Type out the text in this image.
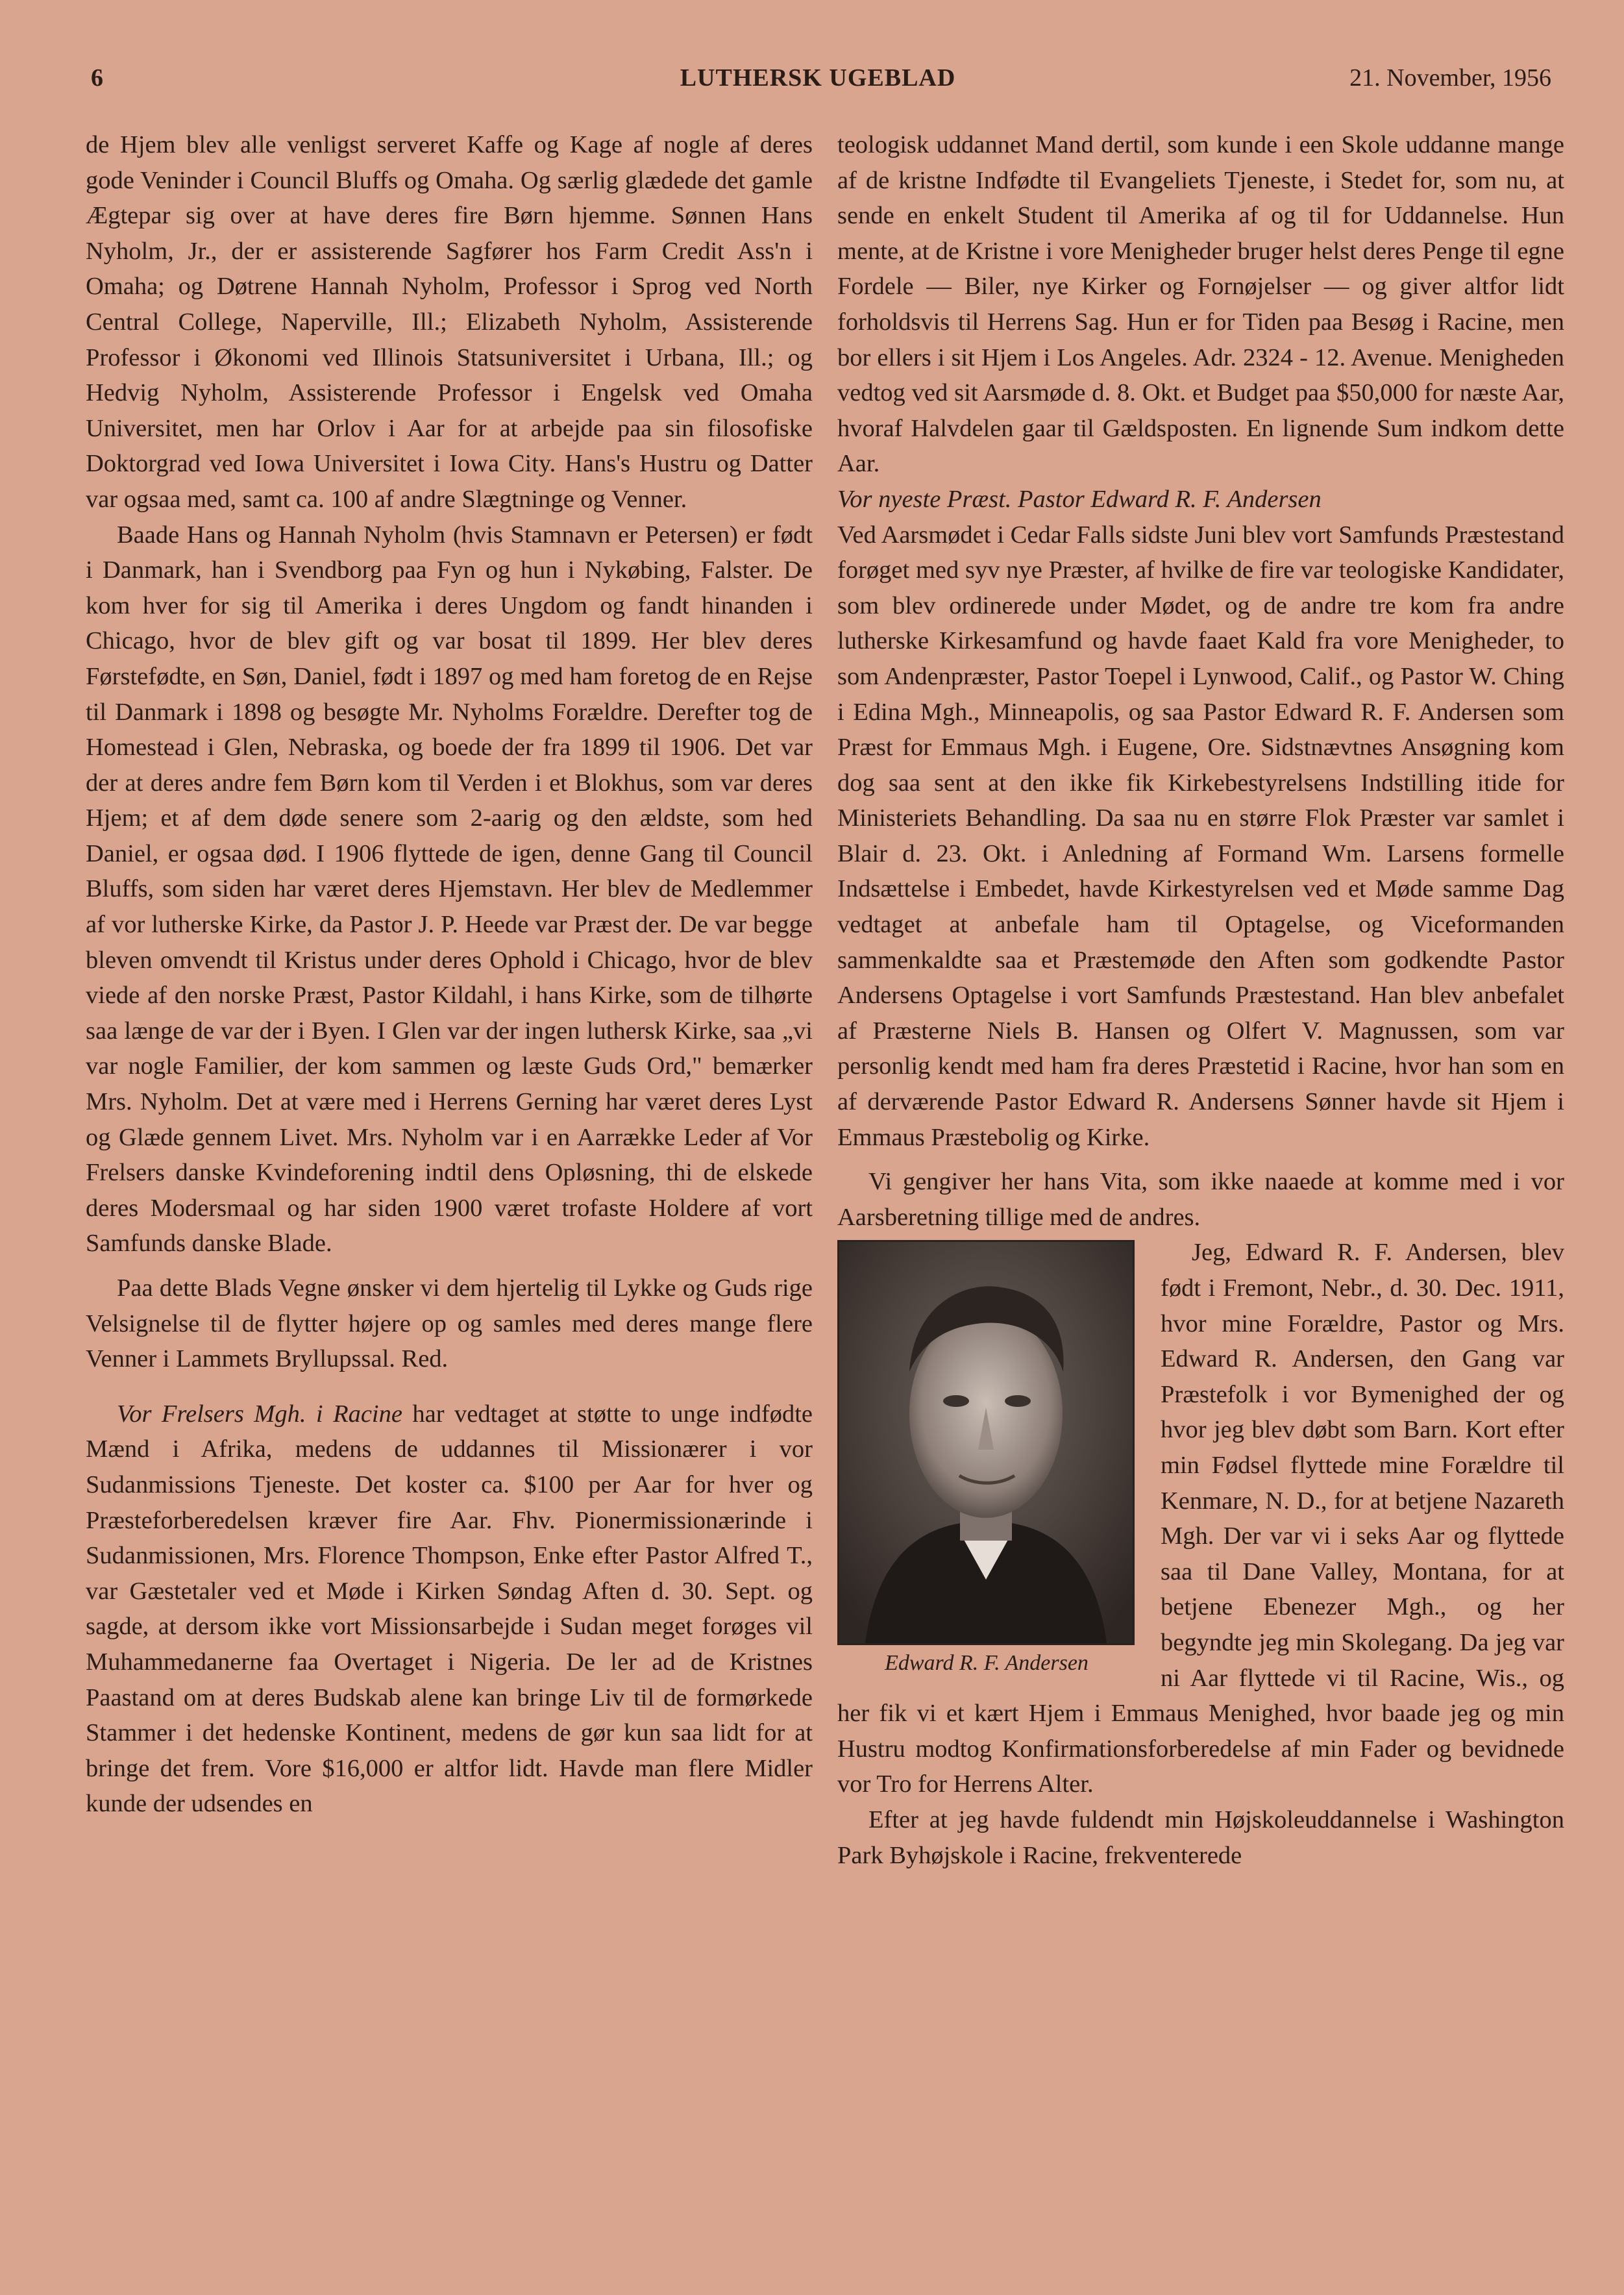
6	LUTHERSK UGEBLAD	21. November, 1956

de Hjem blev alle venligst serveret Kaffe og Kage af nogle af deres gode Veninder i Council Bluffs og Omaha. Og særlig glædede det gamle Ægtepar sig over at have deres fire Børn hjemme. Sønnen Hans Nyholm, Jr., der er assisterende Sagfører hos Farm Credit Ass'n i Omaha; og Døtrene Hannah Nyholm, Professor i Sprog ved North Central College, Naperville, Ill.; Elizabeth Nyholm, Assisterende Professor i Økonomi ved Illinois Statsuniversitet i Urbana, Ill.; og Hedvig Nyholm, Assisterende Professor i Engelsk ved Omaha Universitet, men har Orlov i Aar for at arbejde paa sin filosofiske Doktorgrad ved Iowa Universitet i Iowa City. Hans's Hustru og Datter var ogsaa med, samt ca. 100 af andre Slægtninge og Venner.

Baade Hans og Hannah Nyholm (hvis Stamnavn er Petersen) er født i Danmark, han i Svendborg paa Fyn og hun i Nykøbing, Falster. De kom hver for sig til Amerika i deres Ungdom og fandt hinanden i Chicago, hvor de blev gift og var bosat til 1899. Her blev deres Førstefødte, en Søn, Daniel, født i 1897 og med ham foretog de en Rejse til Danmark i 1898 og besøgte Mr. Nyholms Forældre. Derefter tog de Homestead i Glen, Nebraska, og boede der fra 1899 til 1906. Det var der at deres andre fem Børn kom til Verden i et Blokhus, som var deres Hjem; et af dem døde senere som 2-aarig og den ældste, som hed Daniel, er ogsaa død. I 1906 flyttede de igen, denne Gang til Council Bluffs, som siden har været deres Hjemstavn. Her blev de Medlemmer af vor lutherske Kirke, da Pastor J. P. Heede var Præst der. De var begge bleven omvendt til Kristus under deres Ophold i Chicago, hvor de blev viede af den norske Præst, Pastor Kildahl, i hans Kirke, som de tilhørte saa længe de var der i Byen. I Glen var der ingen luthersk Kirke, saa „vi var nogle Familier, der kom sammen og læste Guds Ord," bemærker Mrs. Nyholm. Det at være med i Herrens Gerning har været deres Lyst og Glæde gennem Livet. Mrs. Nyholm var i en Aarrække Leder af Vor Frelsers danske Kvindeforening indtil dens Opløsning, thi de elskede deres Modersmaal og har siden 1900 været trofaste Holdere af vort Samfunds danske Blade.

Paa dette Blads Vegne ønsker vi dem hjertelig til Lykke og Guds rige Velsignelse til de flytter højere op og samles med deres mange flere Venner i Lammets Bryllupssal. Red.

Vor Frelsers Mgh. i Racine har vedtaget at støtte to unge indfødte Mænd i Afrika, medens de uddannes til Missionærer i vor Sudanmissions Tjeneste. Det koster ca. $100 per Aar for hver og Præsteforberedelsen kræver fire Aar. Fhv. Pionermissionærinde i Sudanmissionen, Mrs. Florence Thompson, Enke efter Pastor Alfred T., var Gæstetaler ved et Møde i Kirken Søndag Aften d. 30. Sept. og sagde, at dersom ikke vort Missionsarbejde i Sudan meget forøges vil Muhammedanerne faa Overtaget i Nigeria. De ler ad de Kristnes Paastand om at deres Budskab alene kan bringe Liv til de formørkede Stammer i det hedenske Kontinent, medens de gør kun saa lidt for at bringe det frem. Vore $16,000 er altfor lidt. Havde man flere Midler kunde der udsendes en

teologisk uddannet Mand dertil, som kunde i een Skole uddanne mange af de kristne Indfødte til Evangeliets Tjeneste, i Stedet for, som nu, at sende en enkelt Student til Amerika af og til for Uddannelse. Hun mente, at de Kristne i vore Menigheder bruger helst deres Penge til egne Fordele — Biler, nye Kirker og Fornøjelser — og giver altfor lidt forholdsvis til Herrens Sag. Hun er for Tiden paa Besøg i Racine, men bor ellers i sit Hjem i Los Angeles. Adr. 2324 - 12. Avenue. Menigheden vedtog ved sit Aarsmøde d. 8. Okt. et Budget paa $50,000 for næste Aar, hvoraf Halvdelen gaar til Gældsposten. En lignende Sum indkom dette Aar.

Vor nyeste Præst. Pastor Edward R. F. Andersen

Ved Aarsmødet i Cedar Falls sidste Juni blev vort Samfunds Præstestand forøget med syv nye Præster, af hvilke de fire var teologiske Kandidater, som blev ordinerede under Mødet, og de andre tre kom fra andre lutherske Kirkesamfund og havde faaet Kald fra vore Menigheder, to som Andenpræster, Pastor Toepel i Lynwood, Calif., og Pastor W. Ching i Edina Mgh., Minneapolis, og saa Pastor Edward R. F. Andersen som Præst for Emmaus Mgh. i Eugene, Ore. Sidstnævtnes Ansøgning kom dog saa sent at den ikke fik Kirkebestyrelsens Indstilling itide for Ministeriets Behandling. Da saa nu en større Flok Præster var samlet i Blair d. 23. Okt. i Anledning af Formand Wm. Larsens formelle Indsættelse i Embedet, havde Kirkestyrelsen ved et Møde samme Dag vedtaget at anbefale ham til Optagelse, og Viceformanden sammenkaldte saa et Præstemøde den Aften som godkendte Pastor Andersens Optagelse i vort Samfunds Præstestand. Han blev anbefalet af Præsterne Niels B. Hansen og Olfert V. Magnussen, som var personlig kendt med ham fra deres Præstetid i Racine, hvor han som en af derværende Pastor Edward R. Andersens Sønner havde sit Hjem i Emmaus Præstebolig og Kirke.

Vi gengiver her hans Vita, som ikke naaede at komme med i vor Aarsberetning tillige med de andres.

Edward R. F. Andersen

Jeg, Edward R. F. Andersen, blev født i Fremont, Nebr., d. 30. Dec. 1911, hvor mine Forældre, Pastor og Mrs. Edward R. Andersen, den Gang var Præstefolk i vor Bymenighed der og hvor jeg blev døbt som Barn. Kort efter min Fødsel flyttede mine Forældre til Kenmare, N. D., for at betjene Nazareth Mgh. Der var vi i seks Aar og flyttede saa til Dane Valley, Montana, for at betjene Ebenezer Mgh., og her begyndte jeg min Skolegang. Da jeg var ni Aar flyttede vi til Racine, Wis., og her fik vi et kært Hjem i Emmaus Menighed, hvor baade jeg og min Hustru modtog Konfirmationsforberedelse af min Fader og bevidnede vor Tro for Herrens Alter.

Efter at jeg havde fuldendt min Højskoleuddannelse i Washington Park Byhøjskole i Racine, frekventerede
